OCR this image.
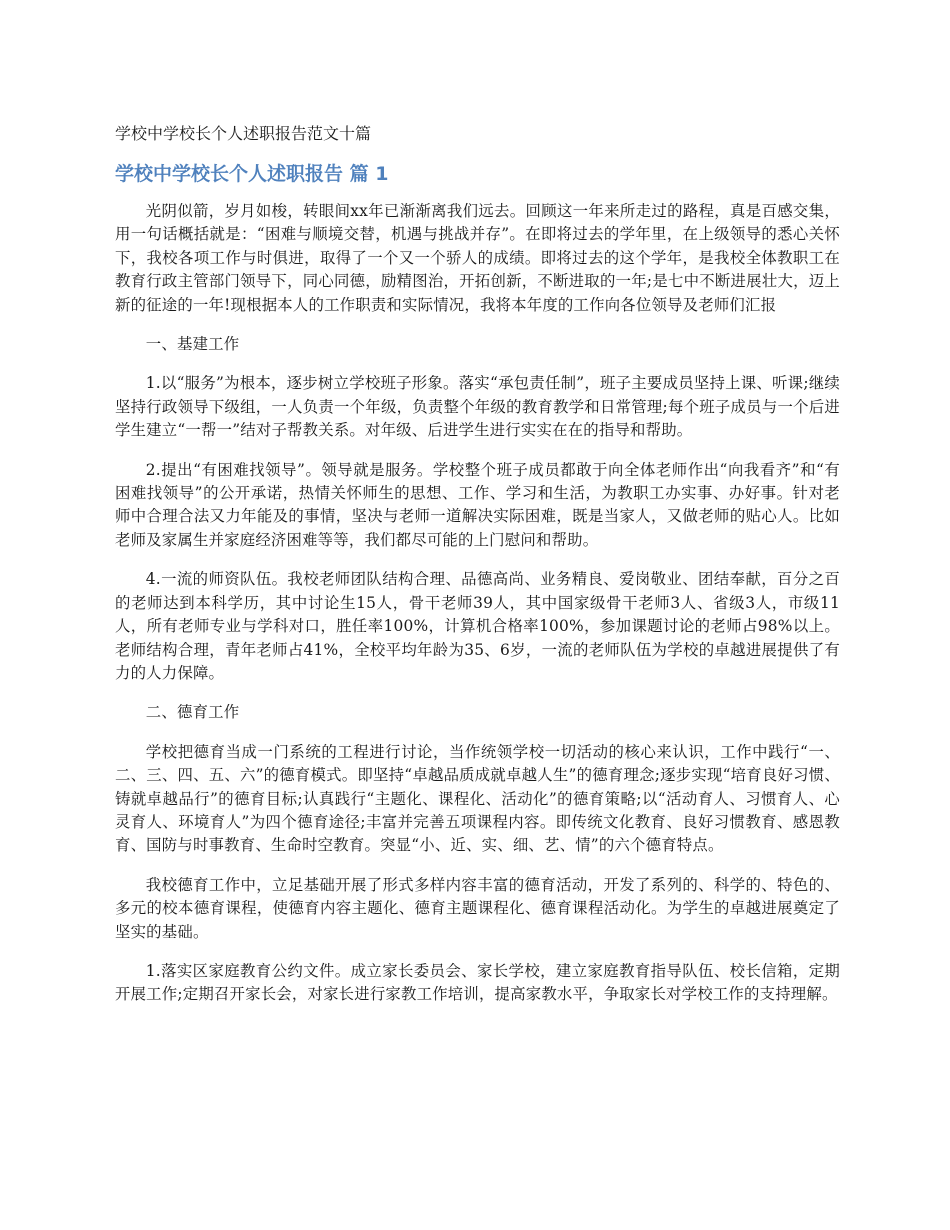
学校中学校长个人述职报告范文十篇
学校中学校长个人述职报告 篇 1

光阴似箭，岁月如梭，转眼间xx年已渐渐离我们远去。回顾这一年来所走过的路程，真是百感交集，用一句话概括就是：“困难与顺境交替，机遇与挑战并存”。在即将过去的学年里，在上级领导的悉心关怀下，我校各项工作与时俱进，取得了一个又一个骄人的成绩。即将过去的这个学年，是我校全体教职工在教育行政主管部门领导下，同心同德，励精图治，开拓创新，不断进取的一年;是七中不断进展壮大，迈上新的征途的一年!现根据本人的工作职责和实际情况，我将本年度的工作向各位领导及老师们汇报

一、基建工作

1.以“服务”为根本，逐步树立学校班子形象。落实“承包责任制”，班子主要成员坚持上课、听课;继续坚持行政领导下级组，一人负责一个年级，负责整个年级的教育教学和日常管理;每个班子成员与一个后进学生建立“一帮一”结对子帮教关系。对年级、后进学生进行实实在在的指导和帮助。

2.提出“有困难找领导”。领导就是服务。学校整个班子成员都敢于向全体老师作出“向我看齐”和“有困难找领导”的公开承诺，热情关怀师生的思想、工作、学习和生活，为教职工办实事、办好事。针对老师中合理合法又力年能及的事情，坚决与老师一道解决实际困难，既是当家人，又做老师的贴心人。比如老师及家属生并家庭经济困难等等，我们都尽可能的上门慰问和帮助。

4.一流的师资队伍。我校老师团队结构合理、品德高尚、业务精良、爱岗敬业、团结奉献，百分之百的老师达到本科学历，其中讨论生15人，骨干老师39人，其中国家级骨干老师3人、省级3人，市级11人，所有老师专业与学科对口，胜任率100%，计算机合格率100%，参加课题讨论的老师占98%以上。老师结构合理，青年老师占41%，全校平均年龄为35、6岁，一流的老师队伍为学校的卓越进展提供了有力的人力保障。

二、德育工作

学校把德育当成一门系统的工程进行讨论，当作统领学校一切活动的核心来认识，工作中践行“一、二、三、四、五、六”的德育模式。即坚持“卓越品质成就卓越人生”的德育理念;逐步实现“培育良好习惯、铸就卓越品行”的德育目标;认真践行“主题化、课程化、活动化”的德育策略;以“活动育人、习惯育人、心灵育人、环境育人”为四个德育途径;丰富并完善五项课程内容。即传统文化教育、良好习惯教育、感恩教育、国防与时事教育、生命时空教育。突显“小、近、实、细、艺、情”的六个德育特点。

我校德育工作中，立足基础开展了形式多样内容丰富的德育活动，开发了系列的、科学的、特色的、多元的校本德育课程，使德育内容主题化、德育主题课程化、德育课程活动化。为学生的卓越进展奠定了坚实的基础。

1.落实区家庭教育公约文件。成立家长委员会、家长学校，建立家庭教育指导队伍、校长信箱，定期开展工作;定期召开家长会，对家长进行家教工作培训，提高家教水平，争取家长对学校工作的支持理解。
